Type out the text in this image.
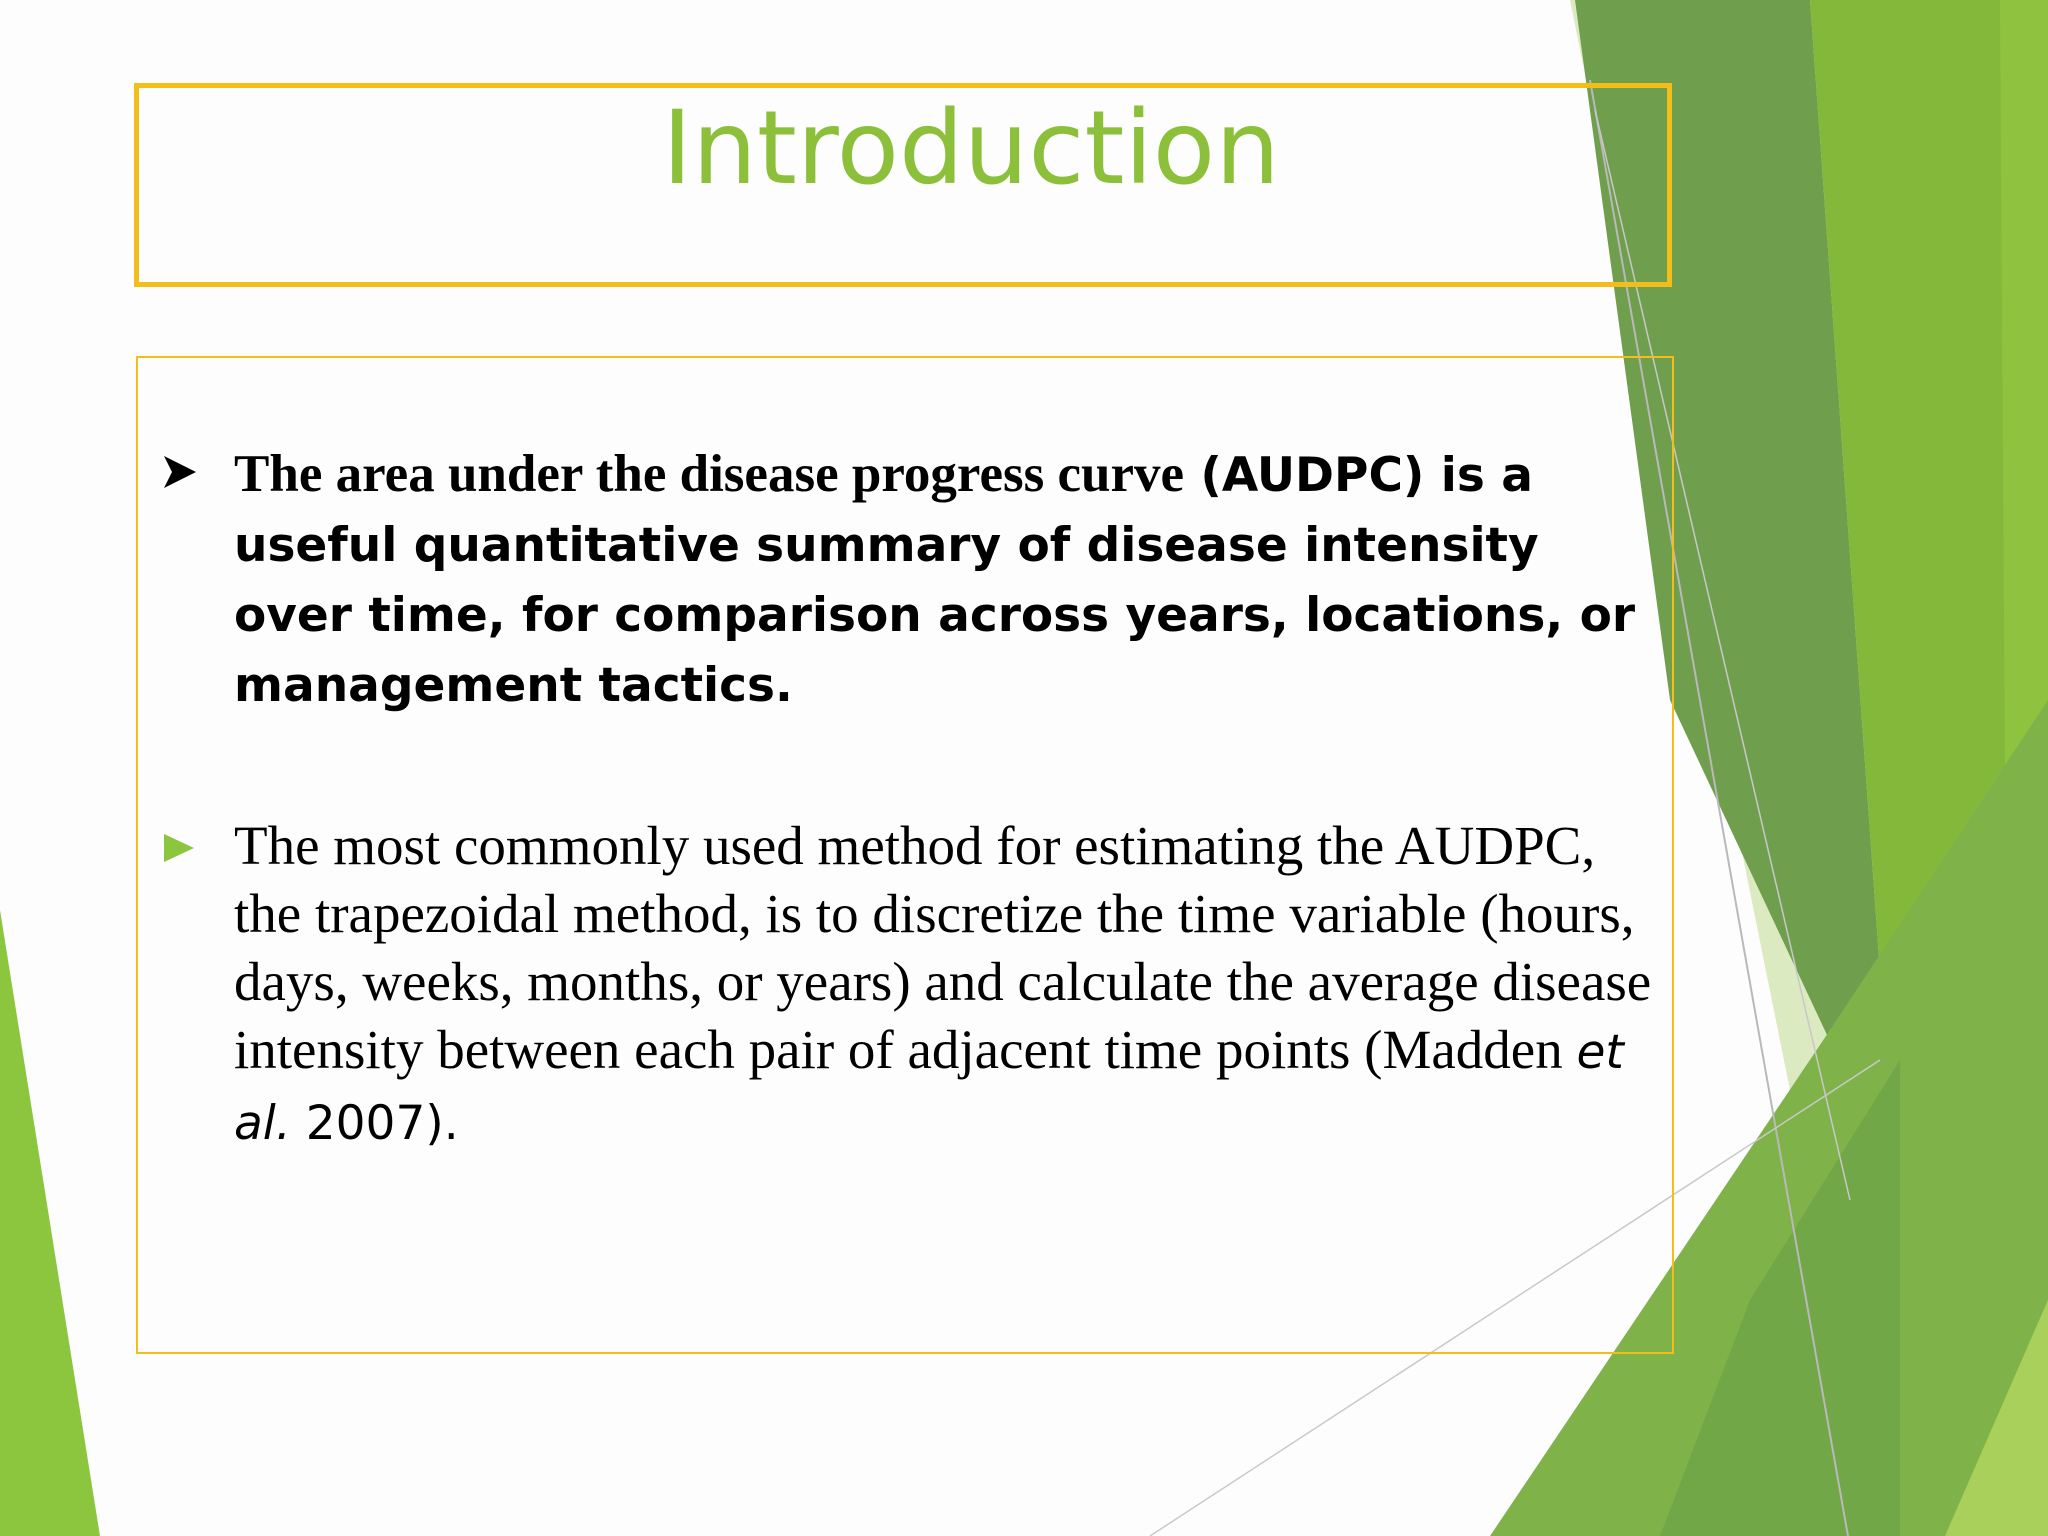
Introduction
The area under the disease progress curve (AUDPC) is a useful quantitative summary of disease intensity over time, for comparison across years, locations, or management tactics.
The most commonly used method for estimating the AUDPC, the trapezoidal method, is to discretize the time variable (hours, days, weeks, months, or years) and calculate the average disease intensity between each pair of adjacent time points (Madden et al. 2007).
